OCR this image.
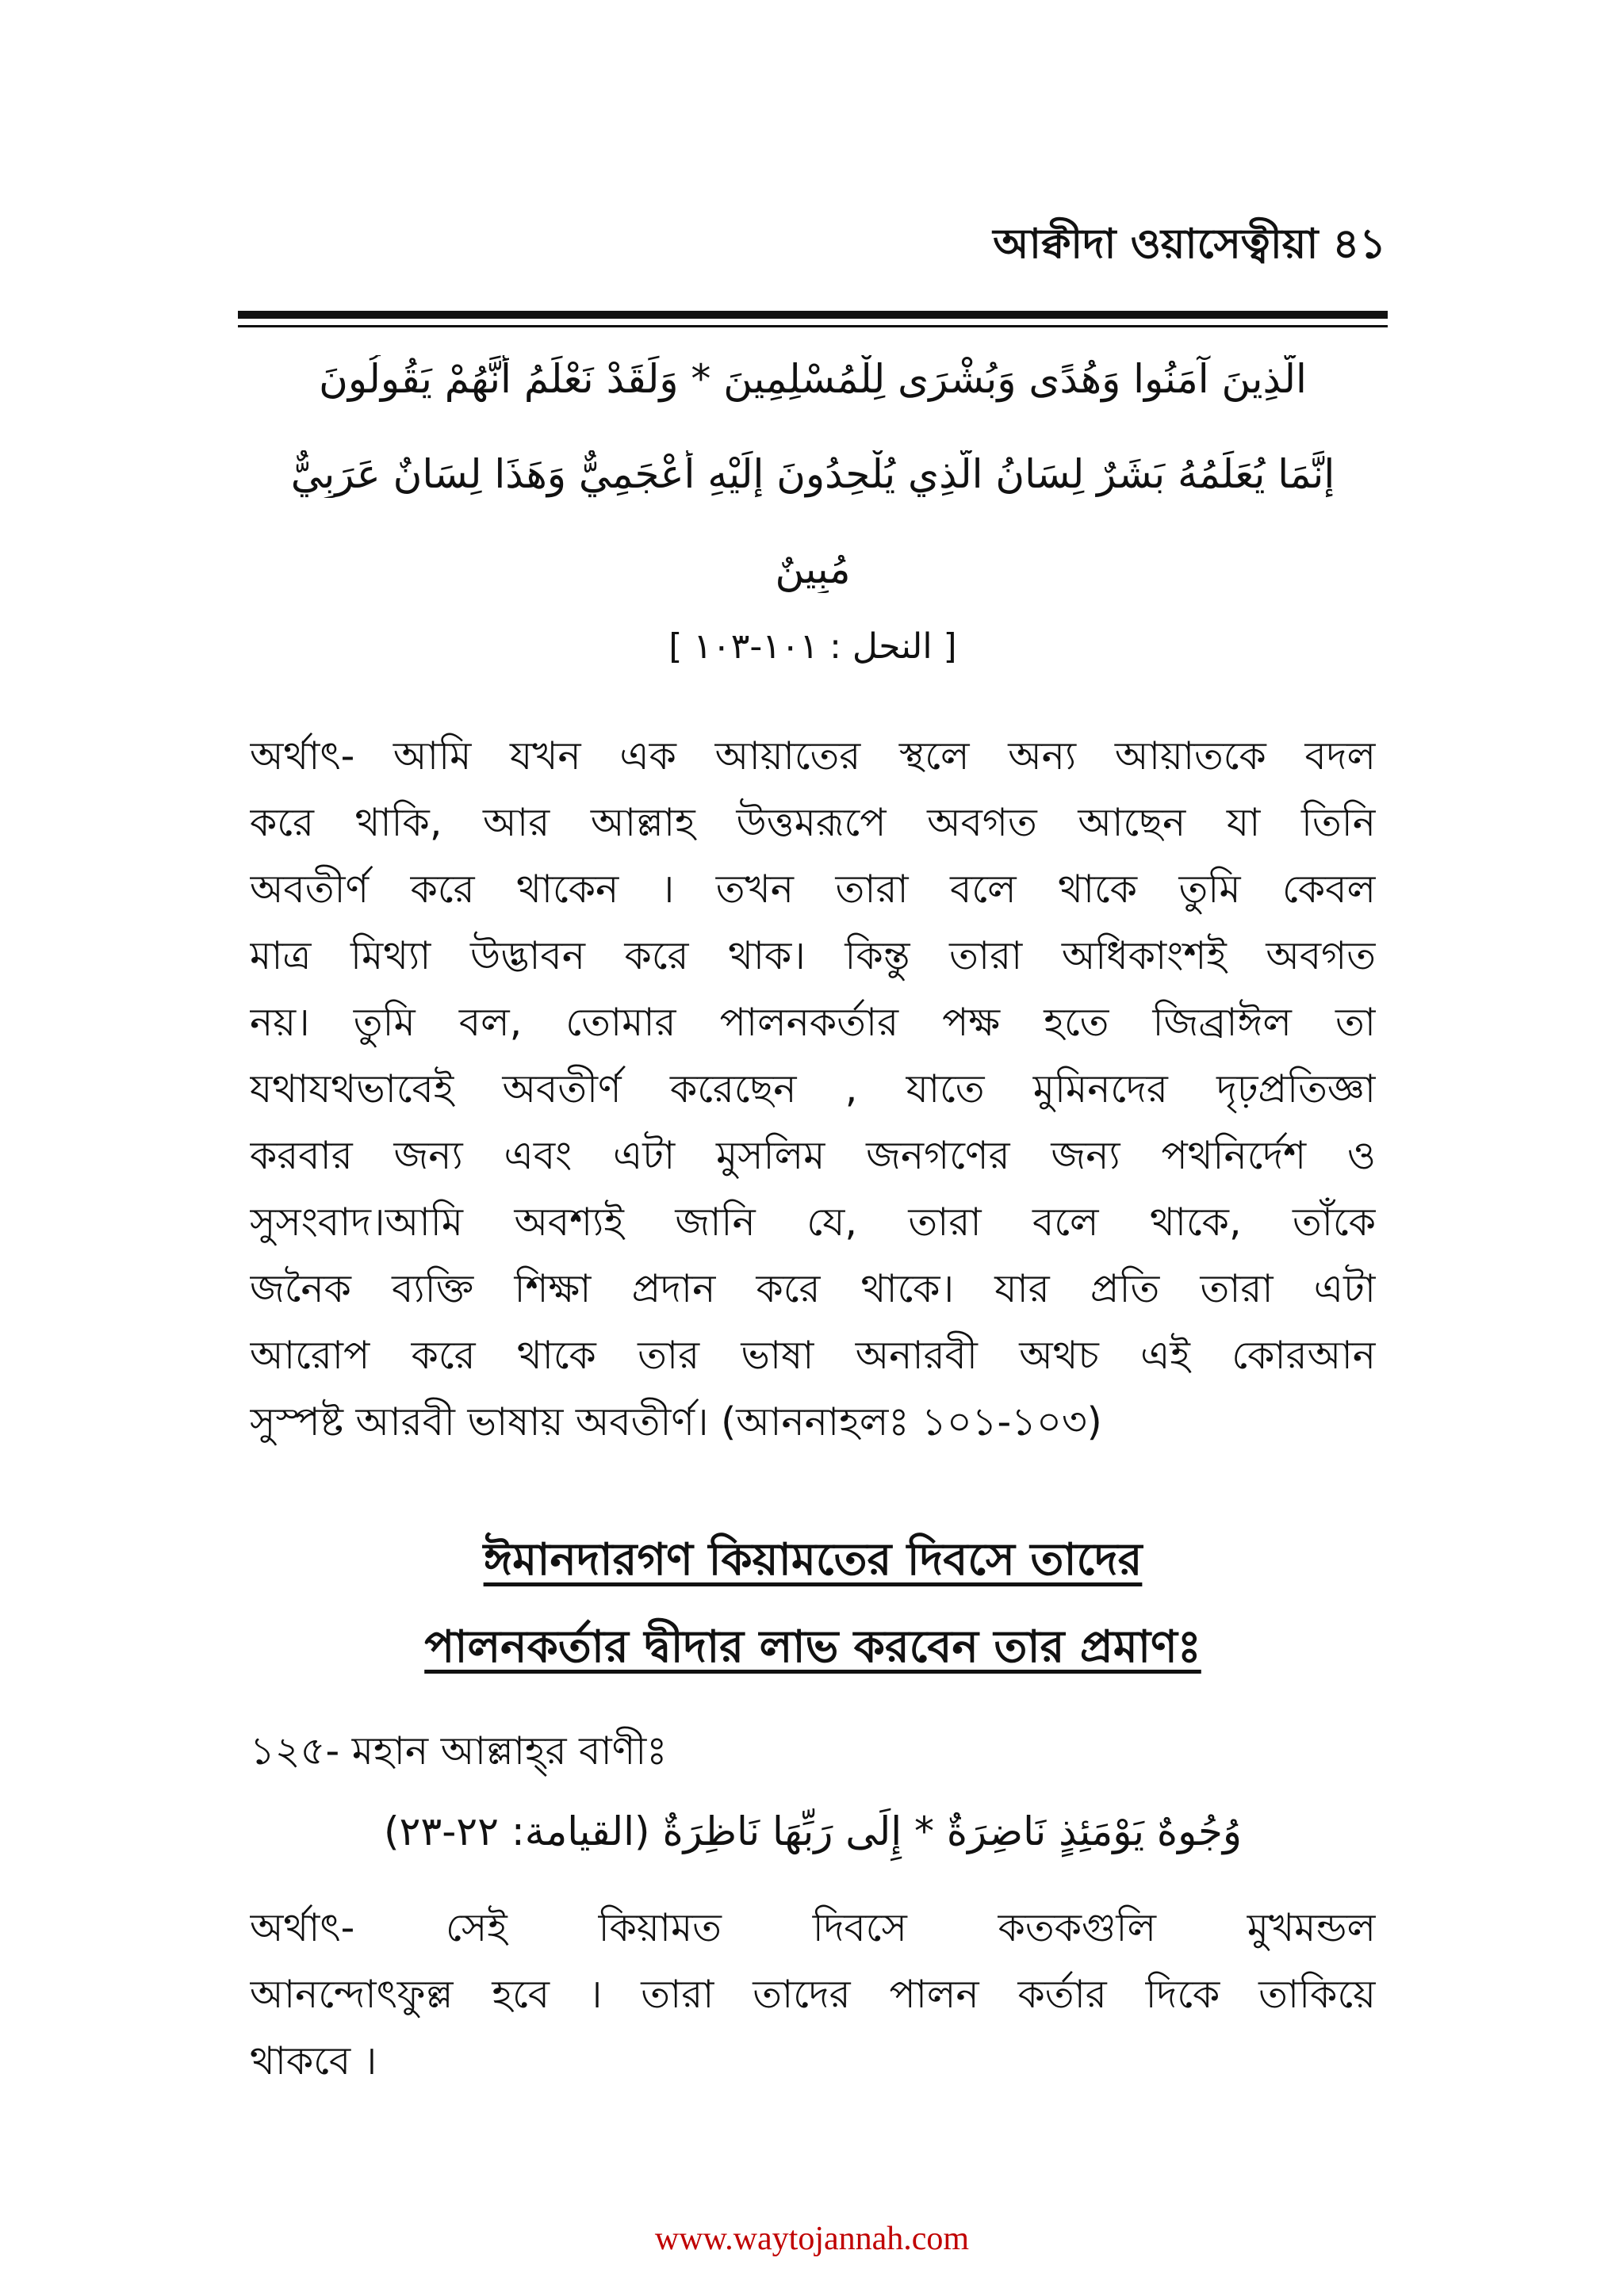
আক্বীদা ওয়াসেত্বীয়া ৪১
الَّذِينَ آمَنُوا وَهُدًى وَبُشْرَى لِلْمُسْلِمِينَ * وَلَقَدْ نَعْلَمُ أَنَّهُمْ يَقُولُونَ
إِنَّمَا يُعَلِّمُهُ بَشَرٌ لِسَانُ الَّذِي يُلْحِدُونَ إِلَيْهِ أَعْجَمِيٌّ وَهَذَا لِسَانٌ عَرَبِيٌّ
مُبِينٌ
[ النحل : ١٠١-١٠٣ ]
অর্থাৎ- আমি যখন এক আয়াতের স্থলে অন্য আয়াতকে বদল
করে থাকি, আর আল্লাহ উত্তমরূপে অবগত আছেন যা তিনি
অবতীর্ণ করে থাকেন । তখন তারা বলে থাকে তুমি কেবল
মাত্র মিথ্যা উদ্ভাবন করে থাক। কিন্তু তারা অধিকাংশই অবগত
নয়। তুমি বল, তোমার পালনকর্তার পক্ষ হতে জিব্রাঈল তা
যথাযথভাবেই অবতীর্ণ করেছেন , যাতে মুমিনদের দৃঢ়প্রতিজ্ঞা
করবার জন্য এবং এটা মুসলিম জনগণের জন্য পথনির্দেশ ও
সুসংবাদ।আমি অবশ্যই জানি যে, তারা বলে থাকে, তাঁকে
জনৈক ব্যক্তি শিক্ষা প্রদান করে থাকে। যার প্রতি তারা এটা
আরোপ করে থাকে তার ভাষা অনারবী অথচ এই কোরআন
সুস্পষ্ট আরবী ভাষায় অবতীর্ণ। (আননাহলঃ ১০১-১০৩)
ঈমানদারগণ কিয়ামতের দিবসে তাদের
পালনকর্তার দ্বীদার লাভ করবেন তার প্রমাণঃ
১২৫- মহান আল্লাহ্‌র বাণীঃ
وُجُوهٌ يَوْمَئِذٍ نَاضِرَةٌ * إِلَى رَبِّهَا نَاظِرَةٌ (القيامة: ٢٢-٢٣)
অর্থাৎ- সেই কিয়ামত দিবসে কতকগুলি মুখমন্ডল
আনন্দোৎফুল্ল হবে । তারা তাদের পালন কর্তার দিকে তাকিয়ে
থাকবে ।
www.waytojannah.com
